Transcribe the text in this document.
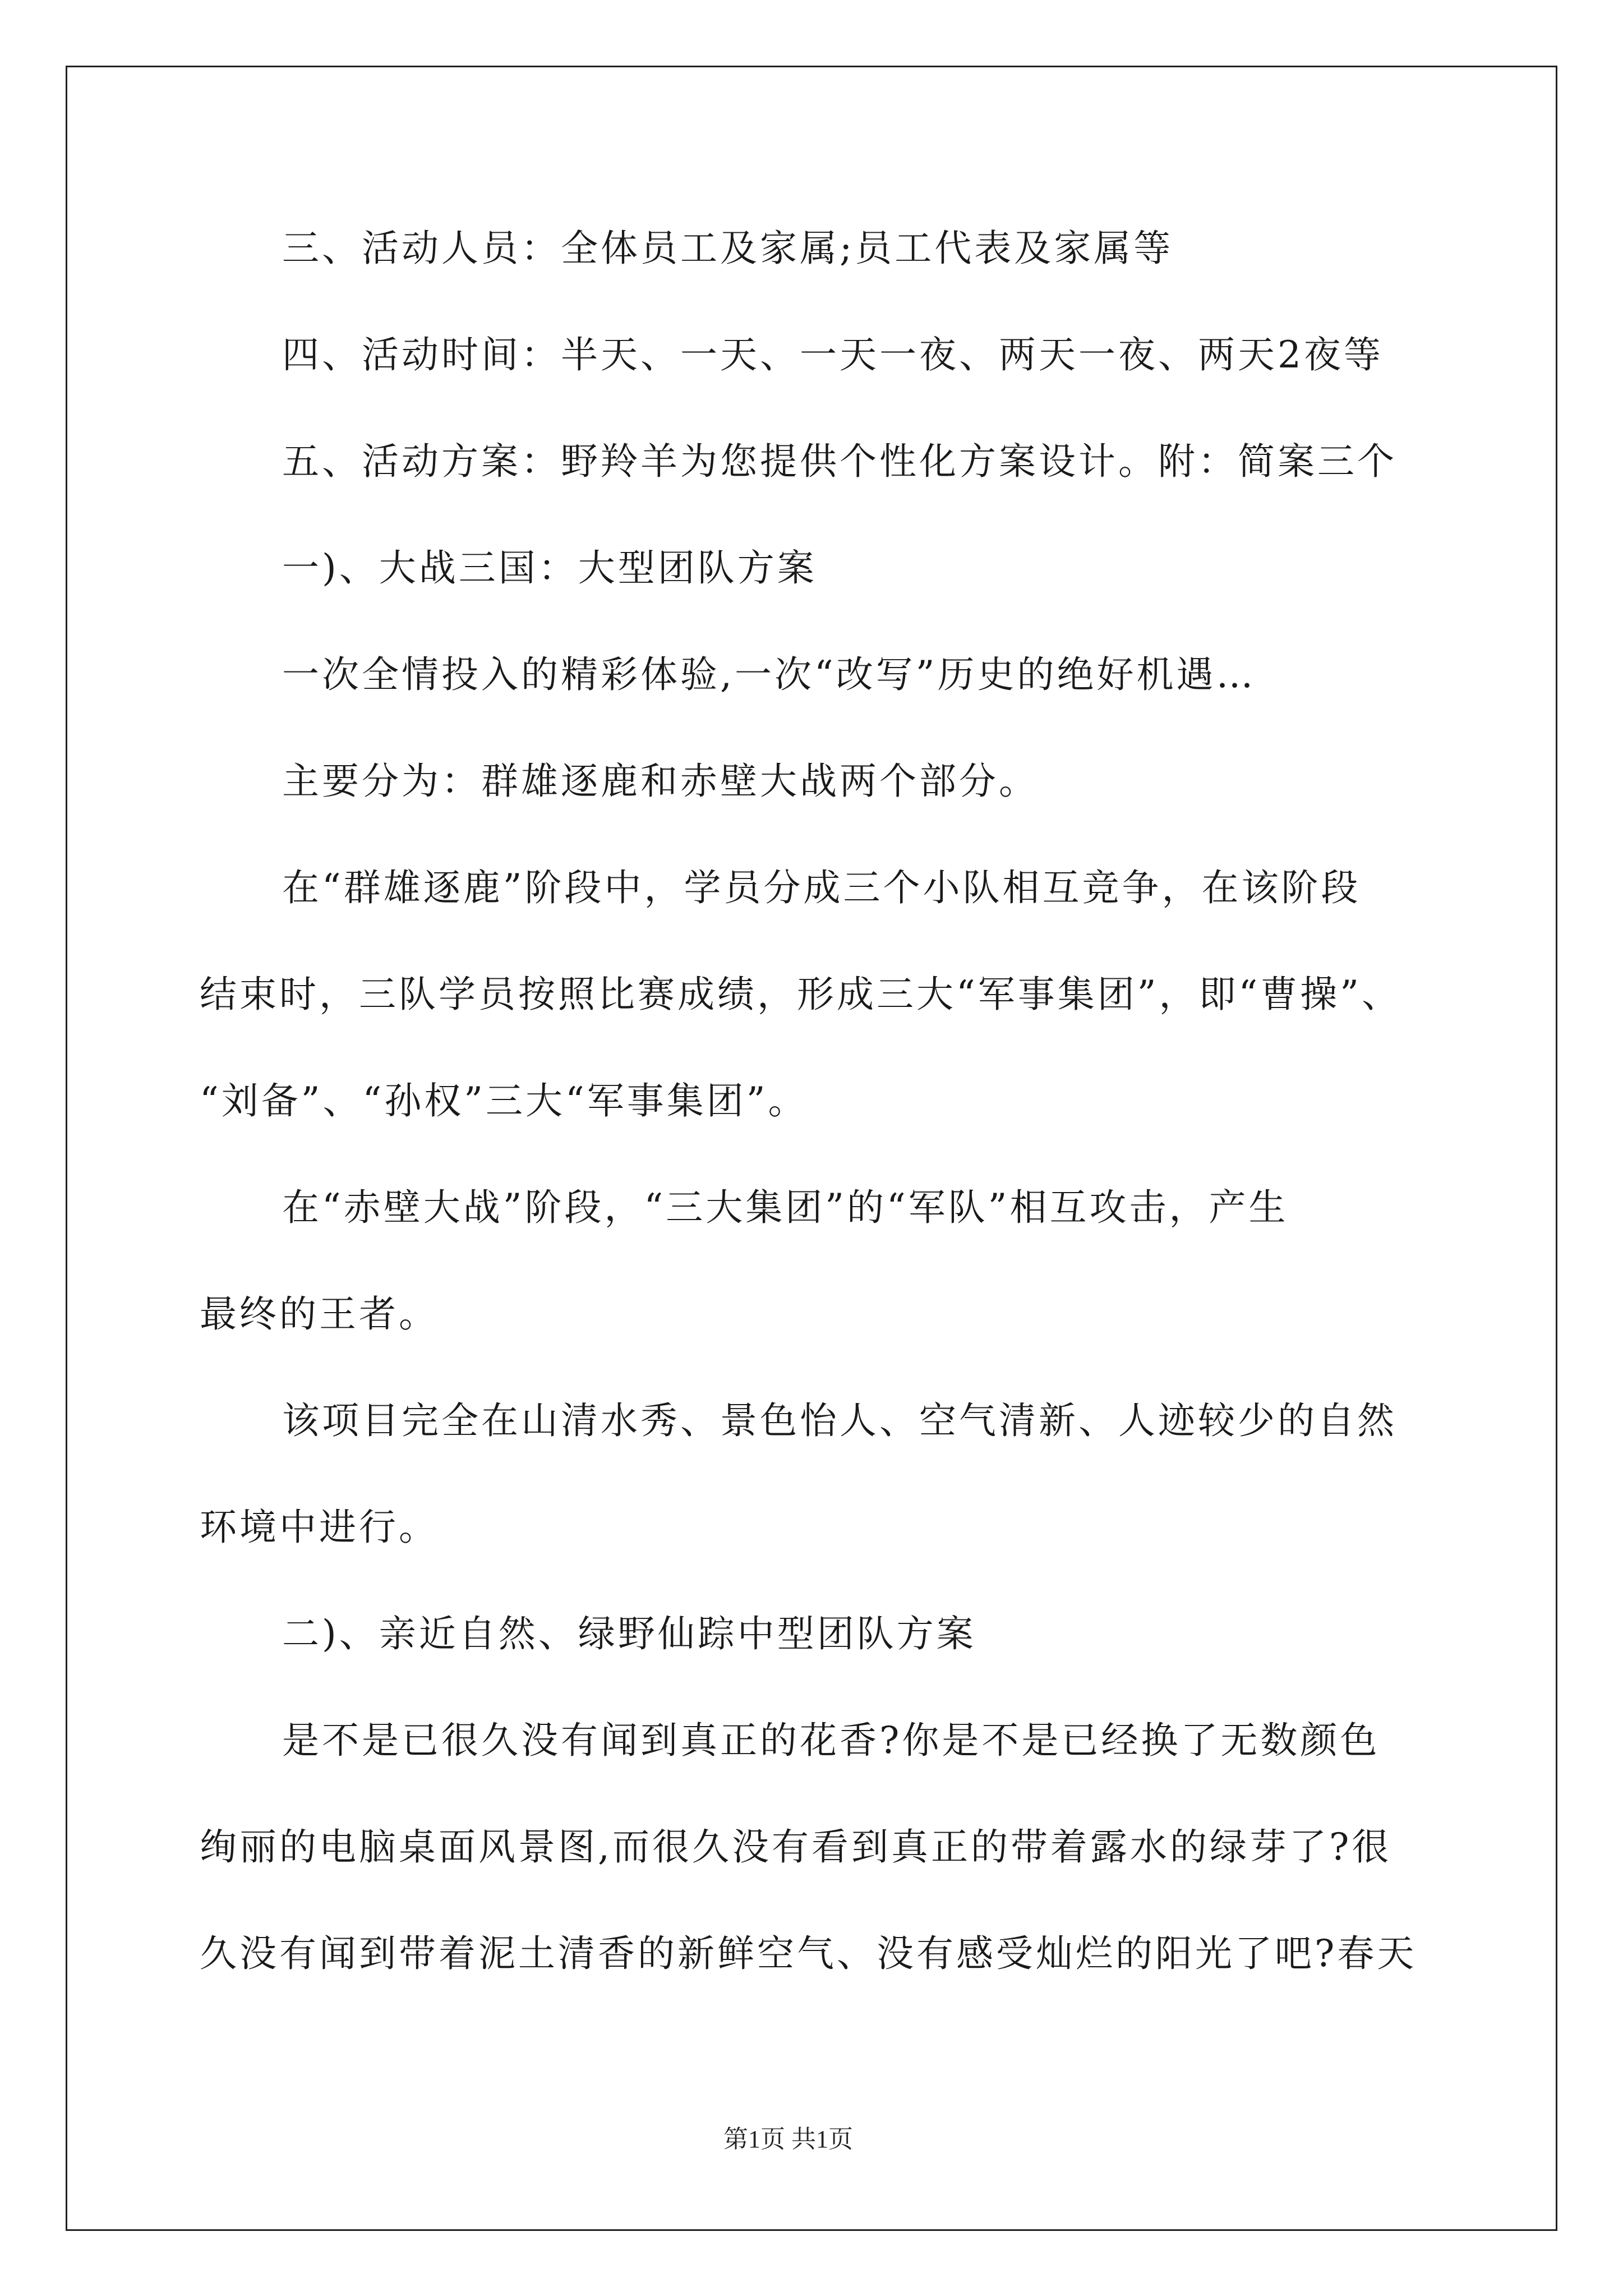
三、活动人员：全体员工及家属;员工代表及家属等
四、活动时间：半天、一天、一天一夜、两天一夜、两天2夜等
五、活动方案：野羚羊为您提供个性化方案设计。附：简案三个
一)、大战三国：大型团队方案
一次全情投入的精彩体验,一次“改写”历史的绝好机遇…
主要分为：群雄逐鹿和赤壁大战两个部分。
在“群雄逐鹿”阶段中，学员分成三个小队相互竞争，在该阶段
结束时，三队学员按照比赛成绩，形成三大“军事集团”，即“曹操”、
“刘备”、“孙权”三大“军事集团”。
在“赤壁大战”阶段，“三大集团”的“军队”相互攻击，产生
最终的王者。
该项目完全在山清水秀、景色怡人、空气清新、人迹较少的自然
环境中进行。
二)、亲近自然、绿野仙踪中型团队方案
是不是已很久没有闻到真正的花香?你是不是已经换了无数颜色
绚丽的电脑桌面风景图,而很久没有看到真正的带着露水的绿芽了?很
久没有闻到带着泥土清香的新鲜空气、没有感受灿烂的阳光了吧?春天
第1页 共1页
